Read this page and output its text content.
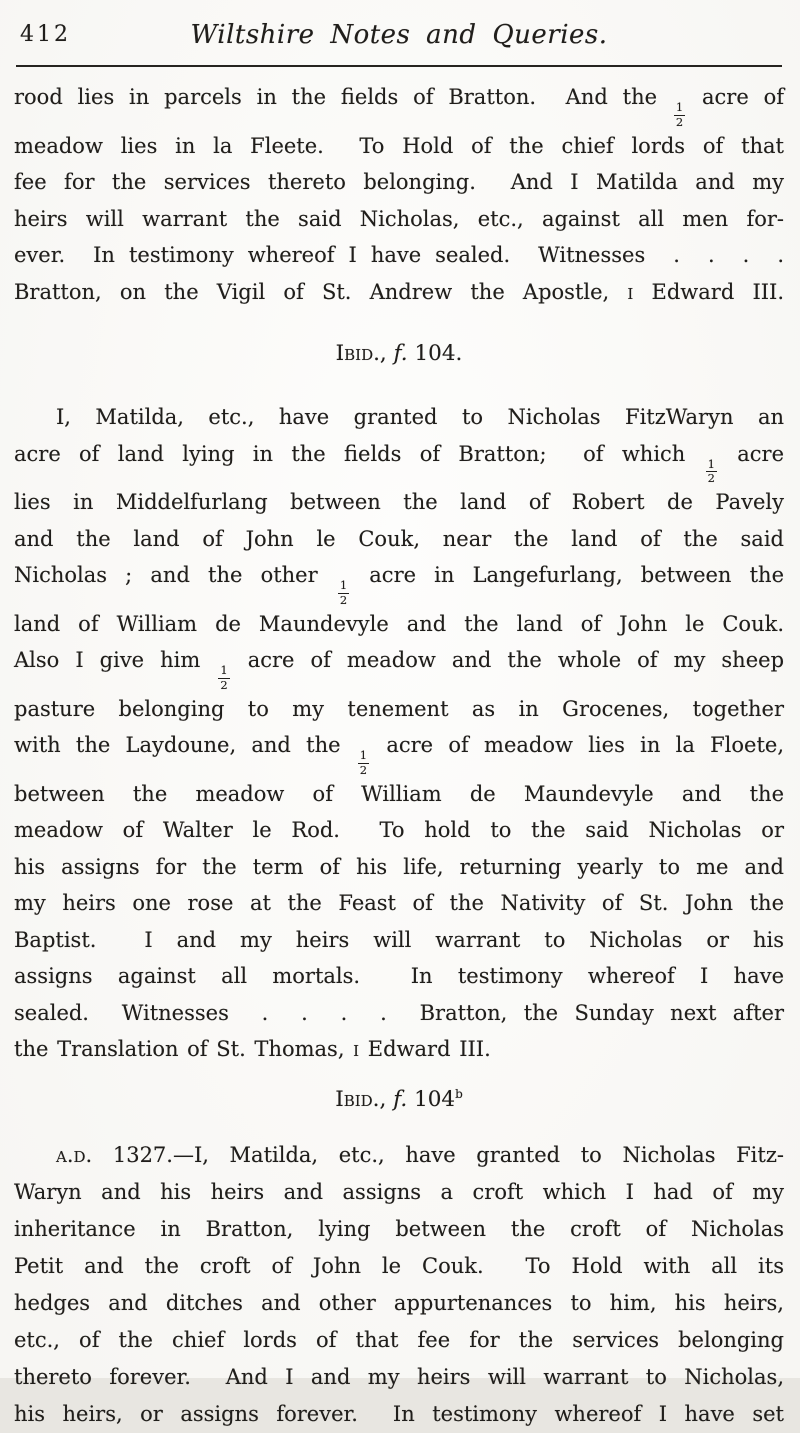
412	Wiltshire Notes and Queries.
rood lies in parcels in the fields of Bratton.  And the
$\frac{1}{2}$
acre of
meadow lies in la Fleete.  To Hold of the chief lords of that
fee for the services thereto belonging.  And I Matilda and my
heirs will warrant the said Nicholas, etc., against all men for-
ever.  In testimony whereof I have sealed.  Witnesses  .  .  .  .
Bratton, on the Vigil of St. Andrew the Apostle, i Edward III.
Ibid., f. 104.
I, Matilda, etc., have granted to Nicholas FitzWaryn an
acre of land lying in the fields of Bratton;  of which
$\frac{1}{2}$
acre
lies in Middelfurlang between the land of Robert de Pavely
and the land of John le Couk, near the land of the said
Nicholas ; and the other
$\frac{1}{2}$
acre in Langefurlang, between the
land of William de Maundevyle and the land of John le Couk.
Also I give him
$\frac{1}{2}$
acre of meadow and the whole of my sheep
pasture belonging to my tenement as in Grocenes, together
with the Laydoune, and the
$\frac{1}{2}$
acre of meadow lies in la Floete,
between the meadow of William de Maundevyle and the
meadow of Walter le Rod.  To hold to the said Nicholas or
his assigns for the term of his life, returning yearly to me and
my heirs one rose at the Feast of the Nativity of St. John the
Baptist.  I and my heirs will warrant to Nicholas or his
assigns against all mortals.  In testimony whereof I have
sealed.  Witnesses  .  .  .  .  Bratton, the Sunday next after
the Translation of St. Thomas, i Edward III.
Ibid., f. 104$^b$
a.d. 1327.—I, Matilda, etc., have granted to Nicholas Fitz-
Waryn and his heirs and assigns a croft which I had of my
inheritance in Bratton, lying between the croft of Nicholas
Petit and the croft of John le Couk.  To Hold with all its
hedges and ditches and other appurtenances to him, his heirs,
etc., of the chief lords of that fee for the services belonging
thereto forever.  And I and my heirs will warrant to Nicholas,
his heirs, or assigns forever.  In testimony whereof I have set
